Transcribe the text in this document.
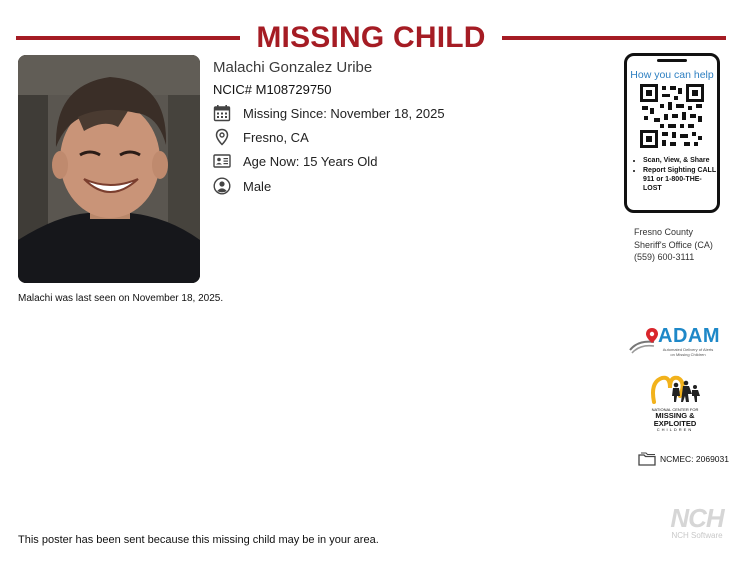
MISSING CHILD
Malachi Gonzalez Uribe
NCIC# M108729750
Missing Since: November 18, 2025
Fresno, CA
Age Now: 15 Years Old
Male
How you can help
• Scan, View, & Share
• Report Sighting CALL 911 or 1-800-THE-LOST
Fresno County
Sheriff's Office (CA)
(559) 600-3111
Malachi was last seen on November 18, 2025.
ADAM
Automated Delivery of Alerts
on Missing Children
NATIONAL CENTER FOR
MISSING &
EXPLOITED
CHILDREN
NCMEC: 2069031
NCH
NCH Software
This poster has been sent because this missing child may be in your area.
